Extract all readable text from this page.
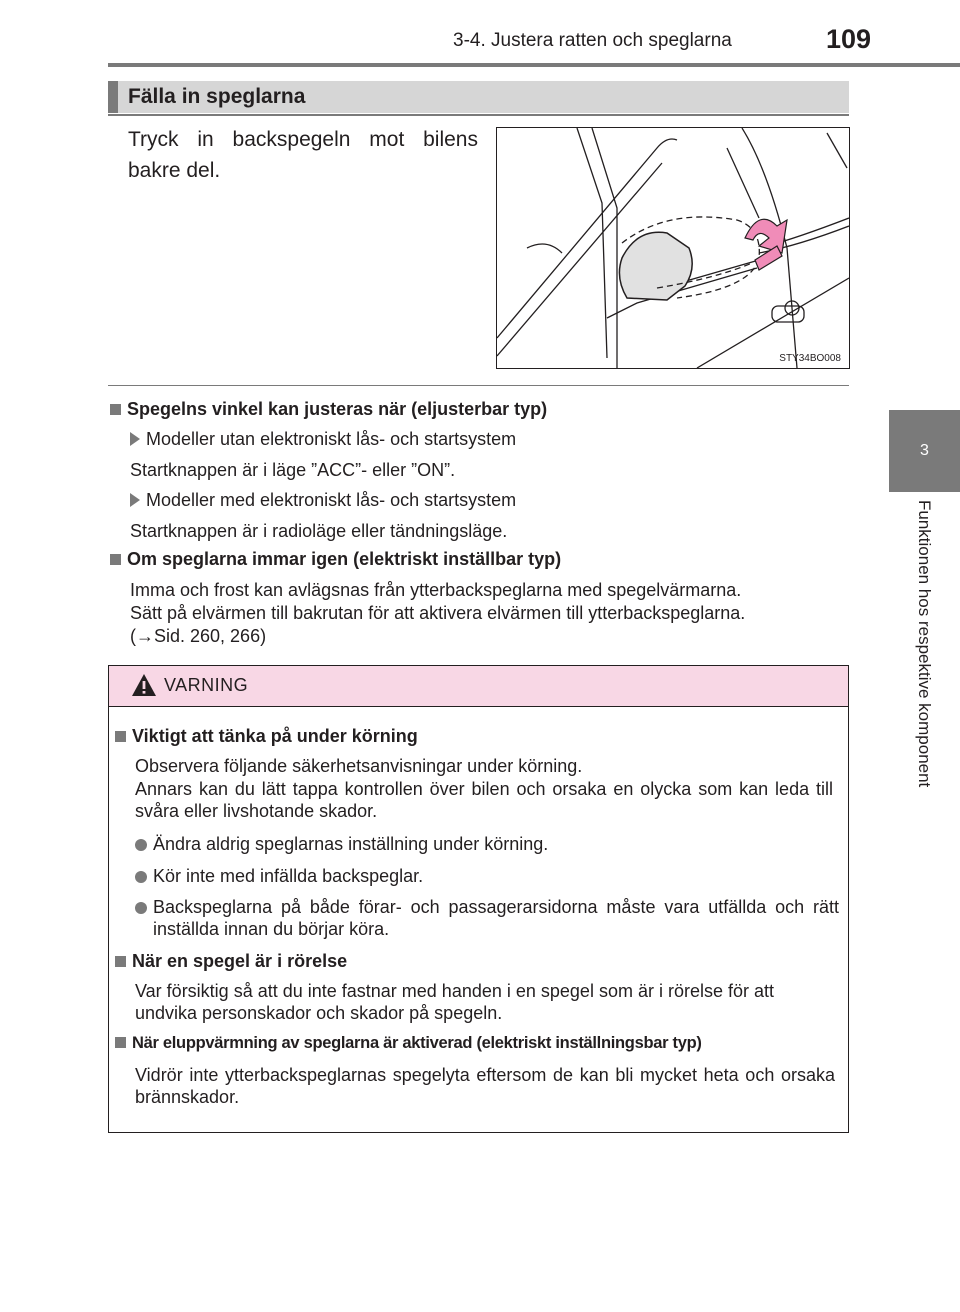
3-4. Justera ratten och speglarna	109
3
Funktionen hos respektive komponent
Fälla in speglarna
Tryck in backspegeln mot bilens bakre del.
STY34BO008
Spegelns vinkel kan justeras när (eljusterbar typ)
Modeller utan elektroniskt lås- och startsystem
Startknappen är i läge ”ACC”- eller ”ON”.
Modeller med elektroniskt lås- och startsystem
Startknappen är i radioläge eller tändningsläge.
Om speglarna immar igen (elektriskt inställbar typ)
Imma och frost kan avlägsnas från ytterbackspeglarna med spegelvärmarna.
Sätt på elvärmen till bakrutan för att aktivera elvärmen till ytterbackspeglarna.
(→Sid. 260, 266)
VARNING
Viktigt att tänka på under körning
Observera följande säkerhetsanvisningar under körning.
Annars kan du lätt tappa kontrollen över bilen och orsaka en olycka som kan leda till svåra eller livshotande skador.
Ändra aldrig speglarnas inställning under körning.
Kör inte med infällda backspeglar.
Backspeglarna på både förar- och passagerarsidorna måste vara utfällda och rätt inställda innan du börjar köra.
När en spegel är i rörelse
Var försiktig så att du inte fastnar med handen i en spegel som är i rörelse för att undvika personskador och skador på spegeln.
När eluppvärmning av speglarna är aktiverad (elektriskt inställningsbar typ)
Vidrör inte ytterbackspeglarnas spegelyta eftersom de kan bli mycket heta och orsaka brännskador.
